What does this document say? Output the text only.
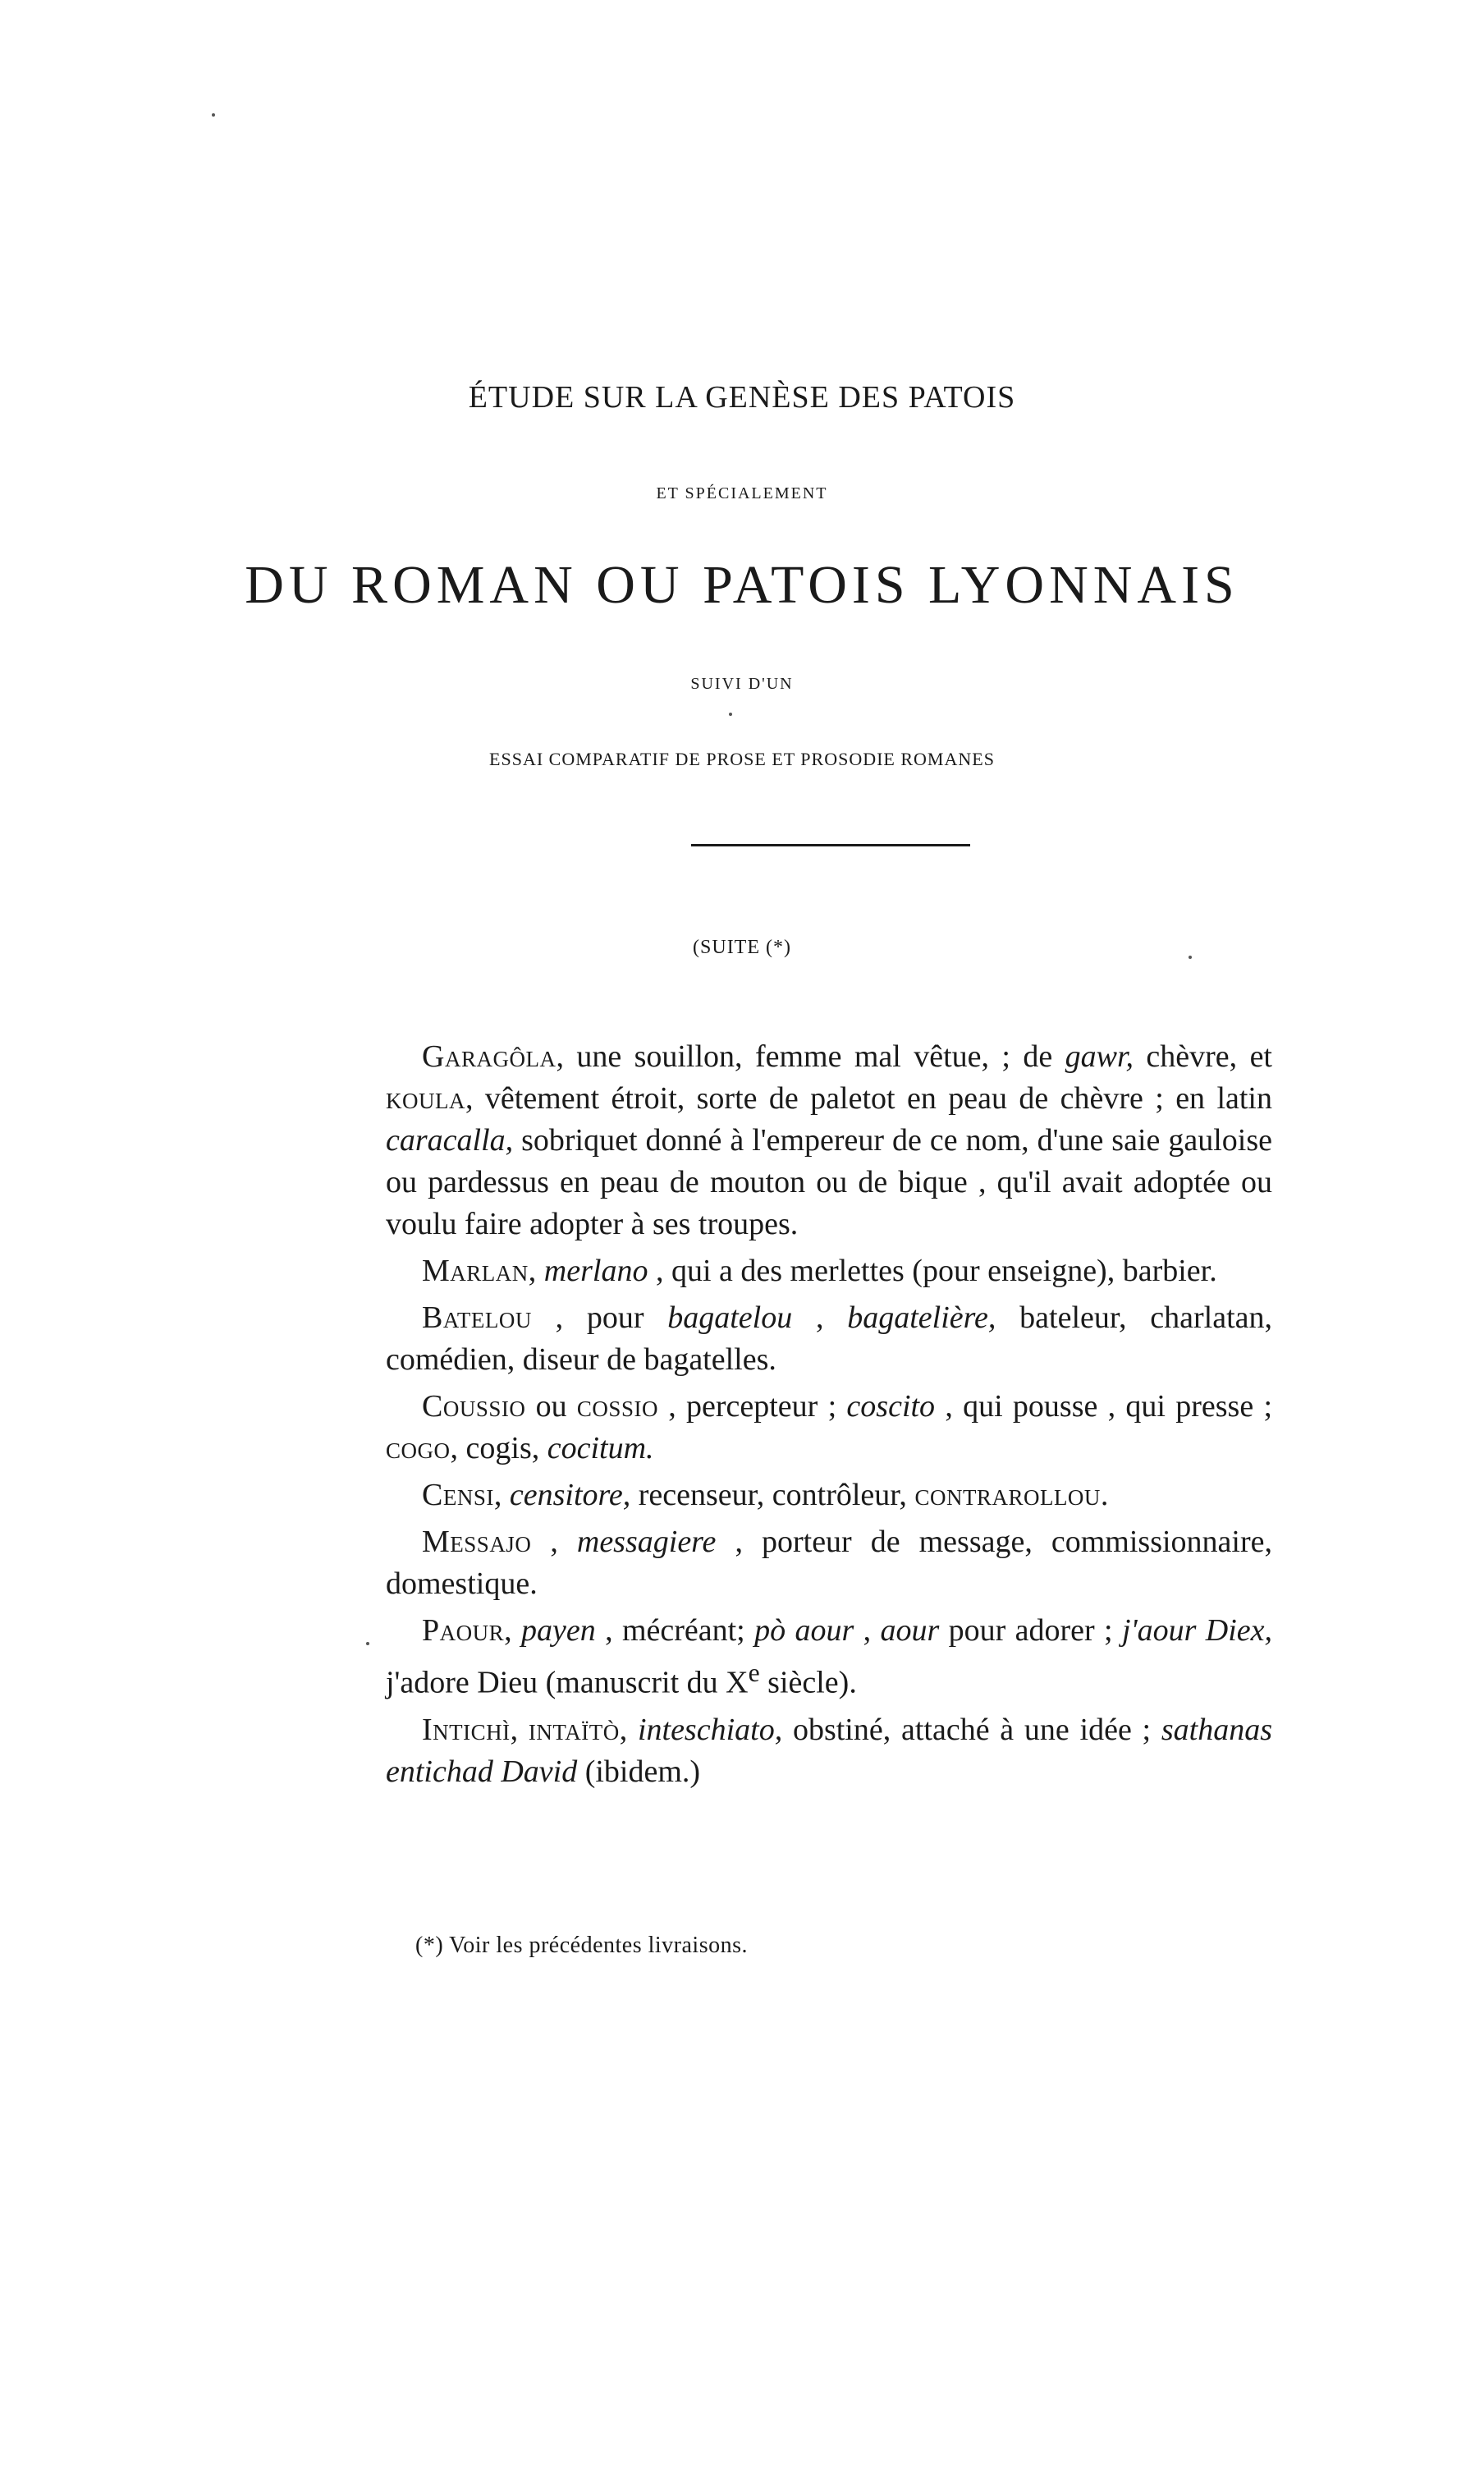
ÉTUDE SUR LA GENÈSE DES PATOIS
ET SPÉCIALEMENT
DU ROMAN OU PATOIS LYONNAIS
SUIVI D'UN
ESSAI COMPARATIF DE PROSE ET PROSODIE ROMANES
(SUITE (*)

Garagôla, une souillon, femme mal vêtue, ; de gawr, chèvre, et koula, vêtement étroit, sorte de paletot en peau de chèvre ; en latin caracalla, sobriquet donné à l'empereur de ce nom, d'une saie gauloise ou pardessus en peau de mouton ou de bique , qu'il avait adoptée ou voulu faire adopter à ses troupes.

Marlan, merlano , qui a des merlettes (pour enseigne), barbier.

Batelou , pour bagatelou , bagatelière, bateleur, charlatan, comédien, diseur de bagatelles.

Coussio ou cossio , percepteur ; coscito , qui pousse , qui presse ; cogo, cogis, cocitum.

Censi, censitore, recenseur, contrôleur, contrarollou.

Messajo , messagiere , porteur de message, commissionnaire, domestique.

Paour, payen , mécréant; pò aour , aour pour adorer ; j'aour Diex, j'adore Dieu (manuscrit du Xe siècle).

Intichì, intaïtò, inteschiato, obstiné, attaché à une idée ; sathanas entichad David (ibidem.)

(*) Voir les précédentes livraisons.
